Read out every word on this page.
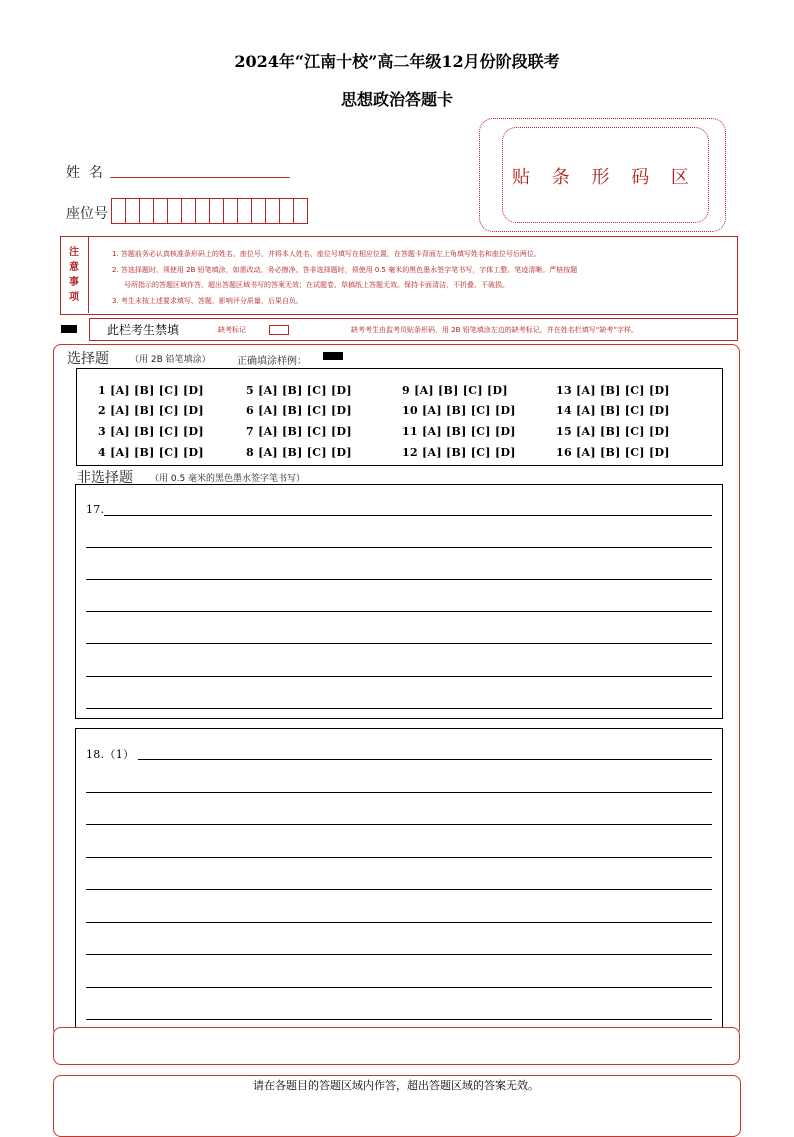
2024年“江南十校”高二年级12月份阶段联考
思想政治答题卡
贴 条 形 码 区
姓  名
座位号
注
意
事
项
1. 答题前务必认真核准条形码上的姓名、座位号，并将本人姓名、座位号填写在相应位置，在答题卡背面左上角填写姓名和座位号后两位。
2. 答选择题时，须使用 2B 铅笔填涂，如需改动，务必擦净。答非选择题时，须使用 0.5 毫米的黑色墨水签字笔书写，字体工整、笔迹清晰。严格按题
号所指示的答题区域作答，超出答题区域书写的答案无效；在试题卷、草稿纸上答题无效。保持卡面清洁，不折叠、不破损。
3. 考生未按上述要求填写、答题，影响评分质量，后果自负。
此栏考生禁填	缺考标记	缺考考生由监考员贴条形码，用 2B 铅笔填涂左边的缺考标记，并在姓名栏填写“缺考”字样。
选择题 （用 2B 铅笔填涂）	正确填涂样例：
1 [A] [B] [C] [D]
2 [A] [B] [C] [D]
3 [A] [B] [C] [D]
4 [A] [B] [C] [D]
5 [A] [B] [C] [D]
6 [A] [B] [C] [D]
7 [A] [B] [C] [D]
8 [A] [B] [C] [D]
9 [A] [B] [C] [D]
10 [A] [B] [C] [D]
11 [A] [B] [C] [D]
12 [A] [B] [C] [D]
13 [A] [B] [C] [D]
14 [A] [B] [C] [D]
15 [A] [B] [C] [D]
16 [A] [B] [C] [D]
非选择题 （用 0.5 毫米的黑色墨水签字笔书写）
17.
18.（1）
请在各题目的答题区域内作答，超出答题区域的答案无效。
